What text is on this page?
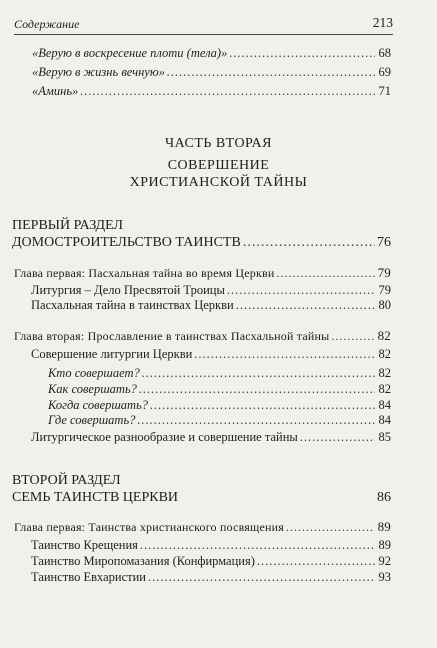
Содержание	213
«Верую в воскресение плоти (тела)» .....	68
«Верую в жизнь вечную» .....	69
«Аминь» .....	71
ЧАСТЬ ВТОРАЯ
СОВЕРШЕНИЕ
ХРИСТИАНСКОЙ ТАЙНЫ
ПЕРВЫЙ РАЗДЕЛ
ДОМОСТРОИТЕЛЬСТВО ТАИНСТВ .....	76
Глава первая: Пасхальная тайна во время Церкви .....	79
Литургия – Дело Пресвятой Троицы .....	79
Пасхальная тайна в таинствах Церкви .....	80
Глава вторая: Прославление в таинствах Пасхальной тайны .....	82
Совершение литургии Церкви .....	82
Кто совершает? .....	82
Как совершать? .....	82
Когда совершать? .....	84
Где совершать? .....	84
Литургическое разнообразие и совершение тайны .....	85
ВТОРОЙ РАЗДЕЛ
СЕМЬ ТАИНСТВ ЦЕРКВИ	86
Глава первая: Таинства христианского посвящения .....	89
Таинство Крещения .....	89
Таинство Миропомазания (Конфирмация) .....	92
Таинство Евхаристии .....	93
